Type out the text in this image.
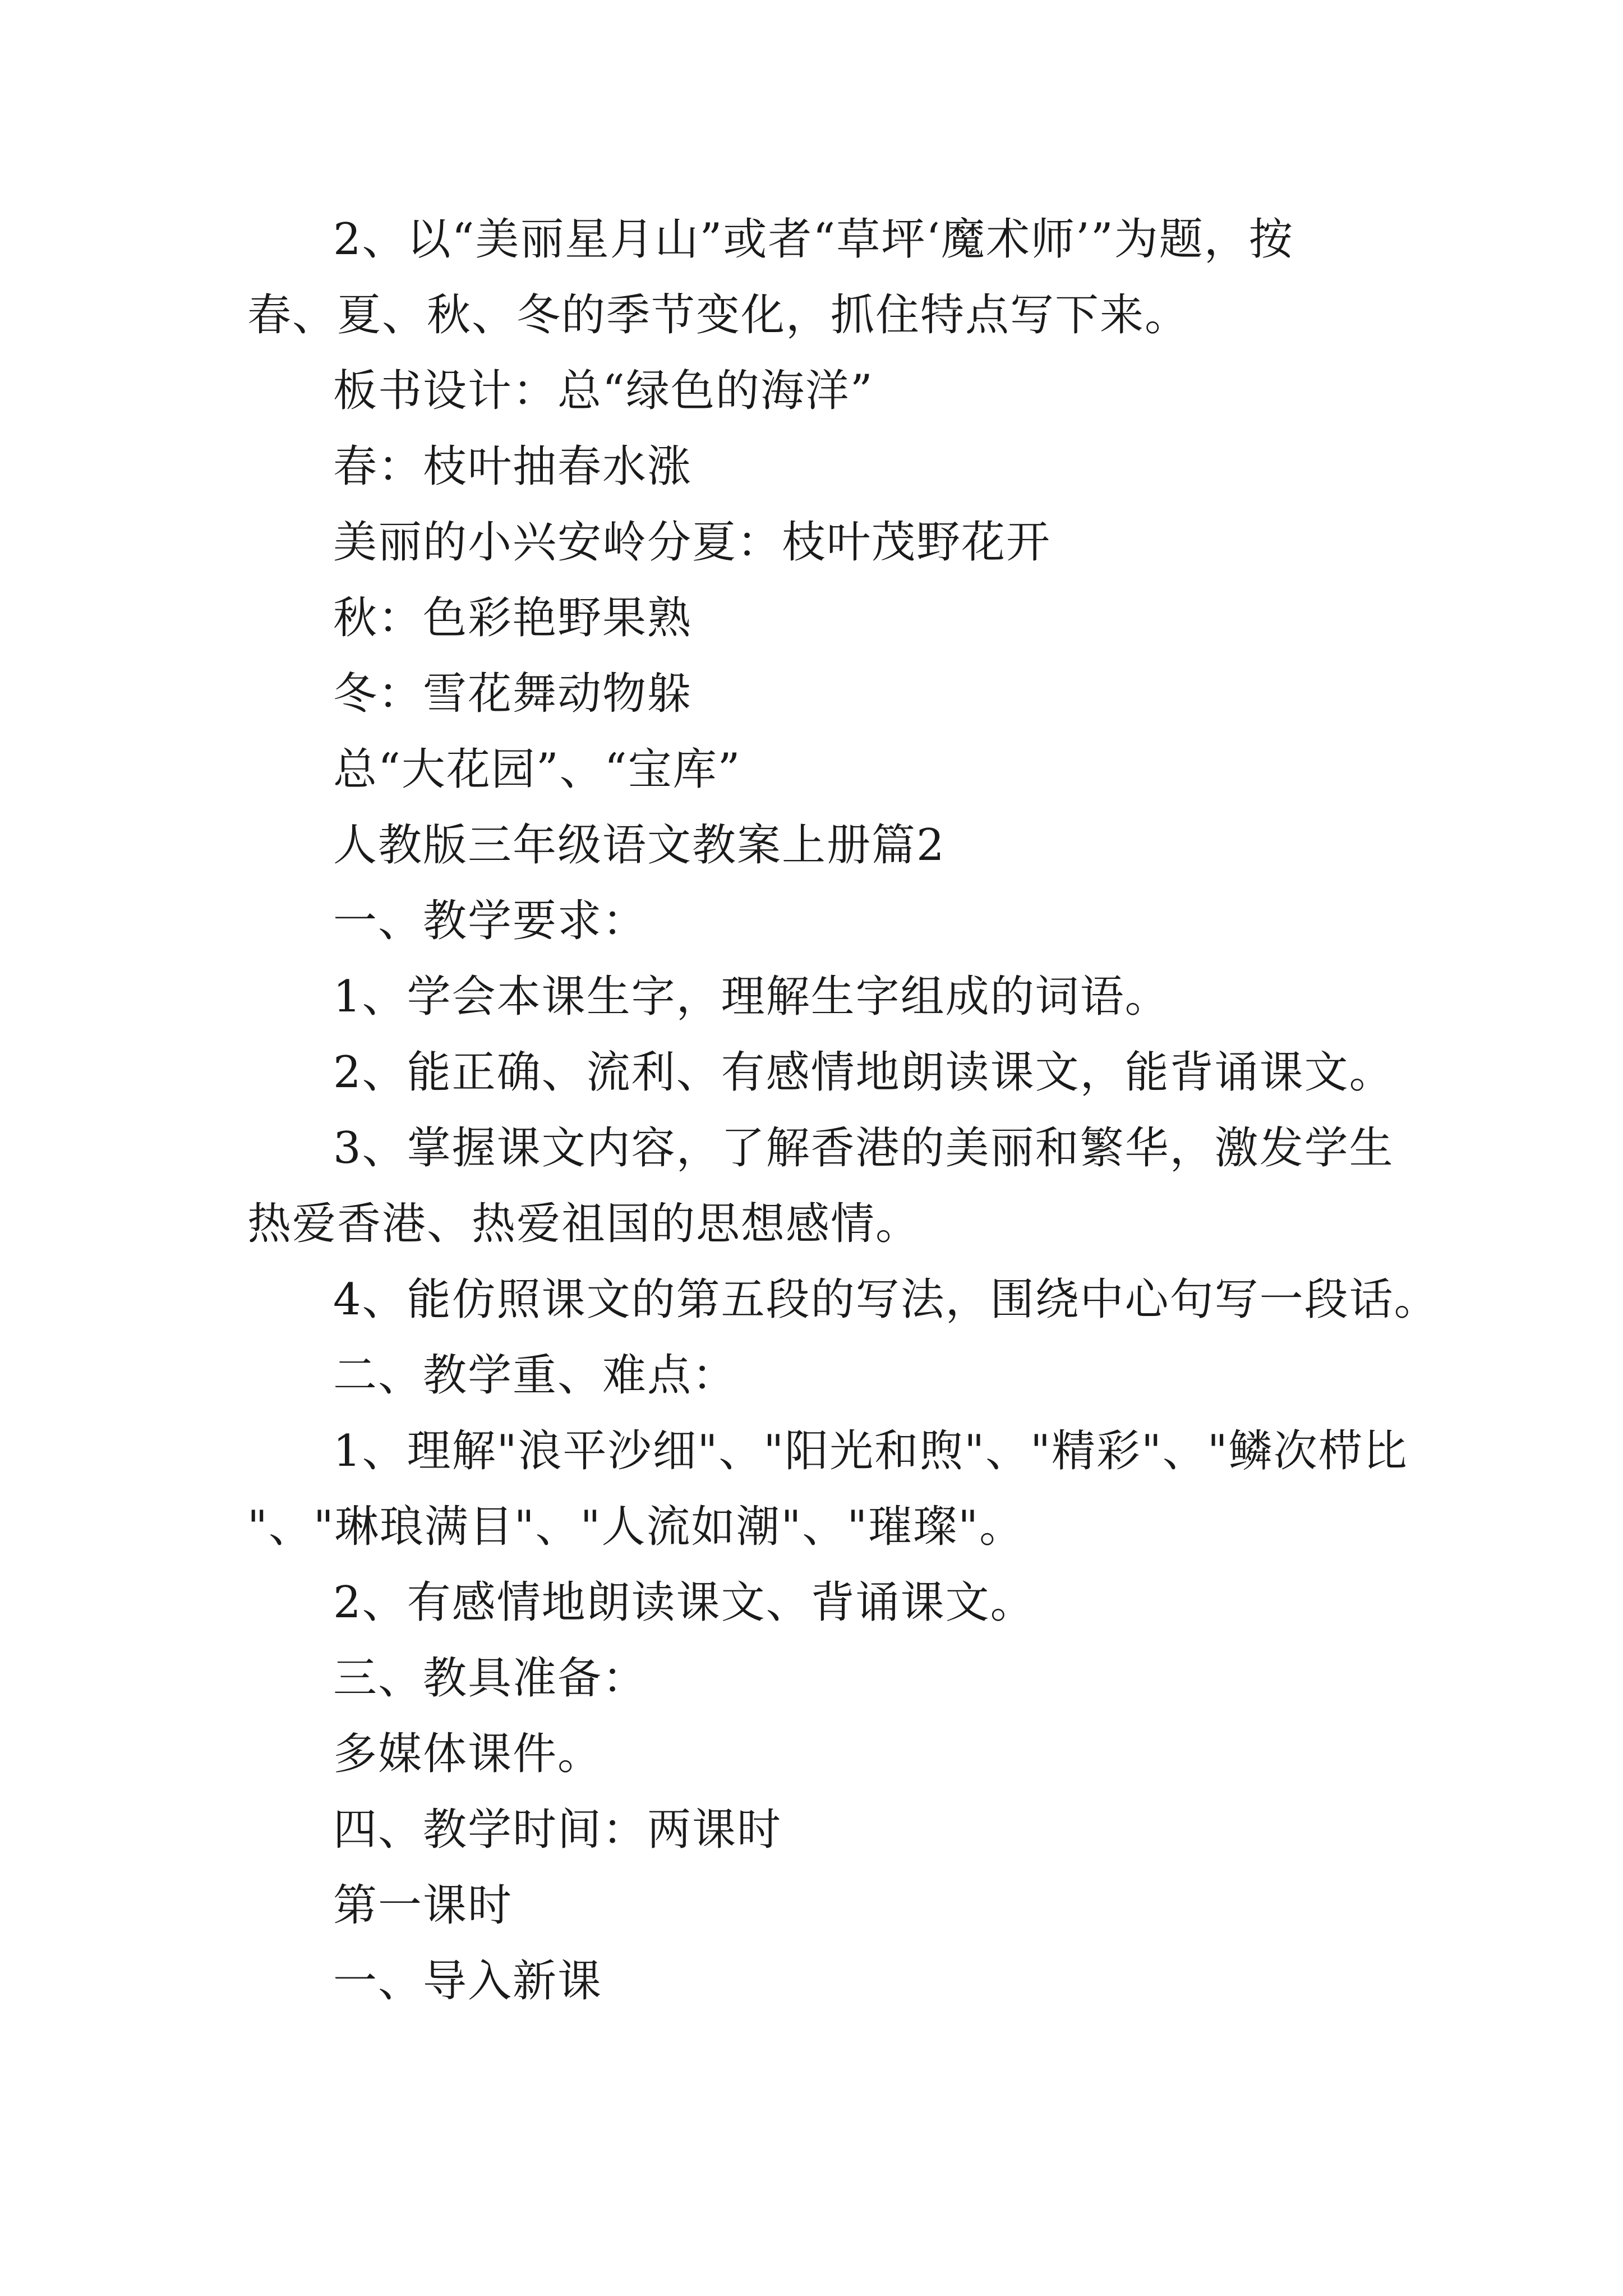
2、以“美丽星月山”或者“草坪‘魔术师’”为题，按
春、夏、秋、冬的季节变化，抓住特点写下来。
板书设计：总“绿色的海洋”
春：枝叶抽春水涨
美丽的小兴安岭分夏：枝叶茂野花开
秋：色彩艳野果熟
冬：雪花舞动物躲
总“大花园”、“宝库”
人教版三年级语文教案上册篇2
一、教学要求：
1、学会本课生字，理解生字组成的词语。
2、能正确、流利、有感情地朗读课文，能背诵课文。
3、掌握课文内容，了解香港的美丽和繁华，激发学生
热爱香港、热爱祖国的思想感情。
4、能仿照课文的第五段的写法，围绕中心句写一段话。
二、教学重、难点：
1、理解"浪平沙细"、"阳光和煦"、"精彩"、"鳞次栉比
"、"琳琅满目"、"人流如潮"、"璀璨"。
2、有感情地朗读课文、背诵课文。
三、教具准备：
多媒体课件。
四、教学时间：两课时
第一课时
一、导入新课
